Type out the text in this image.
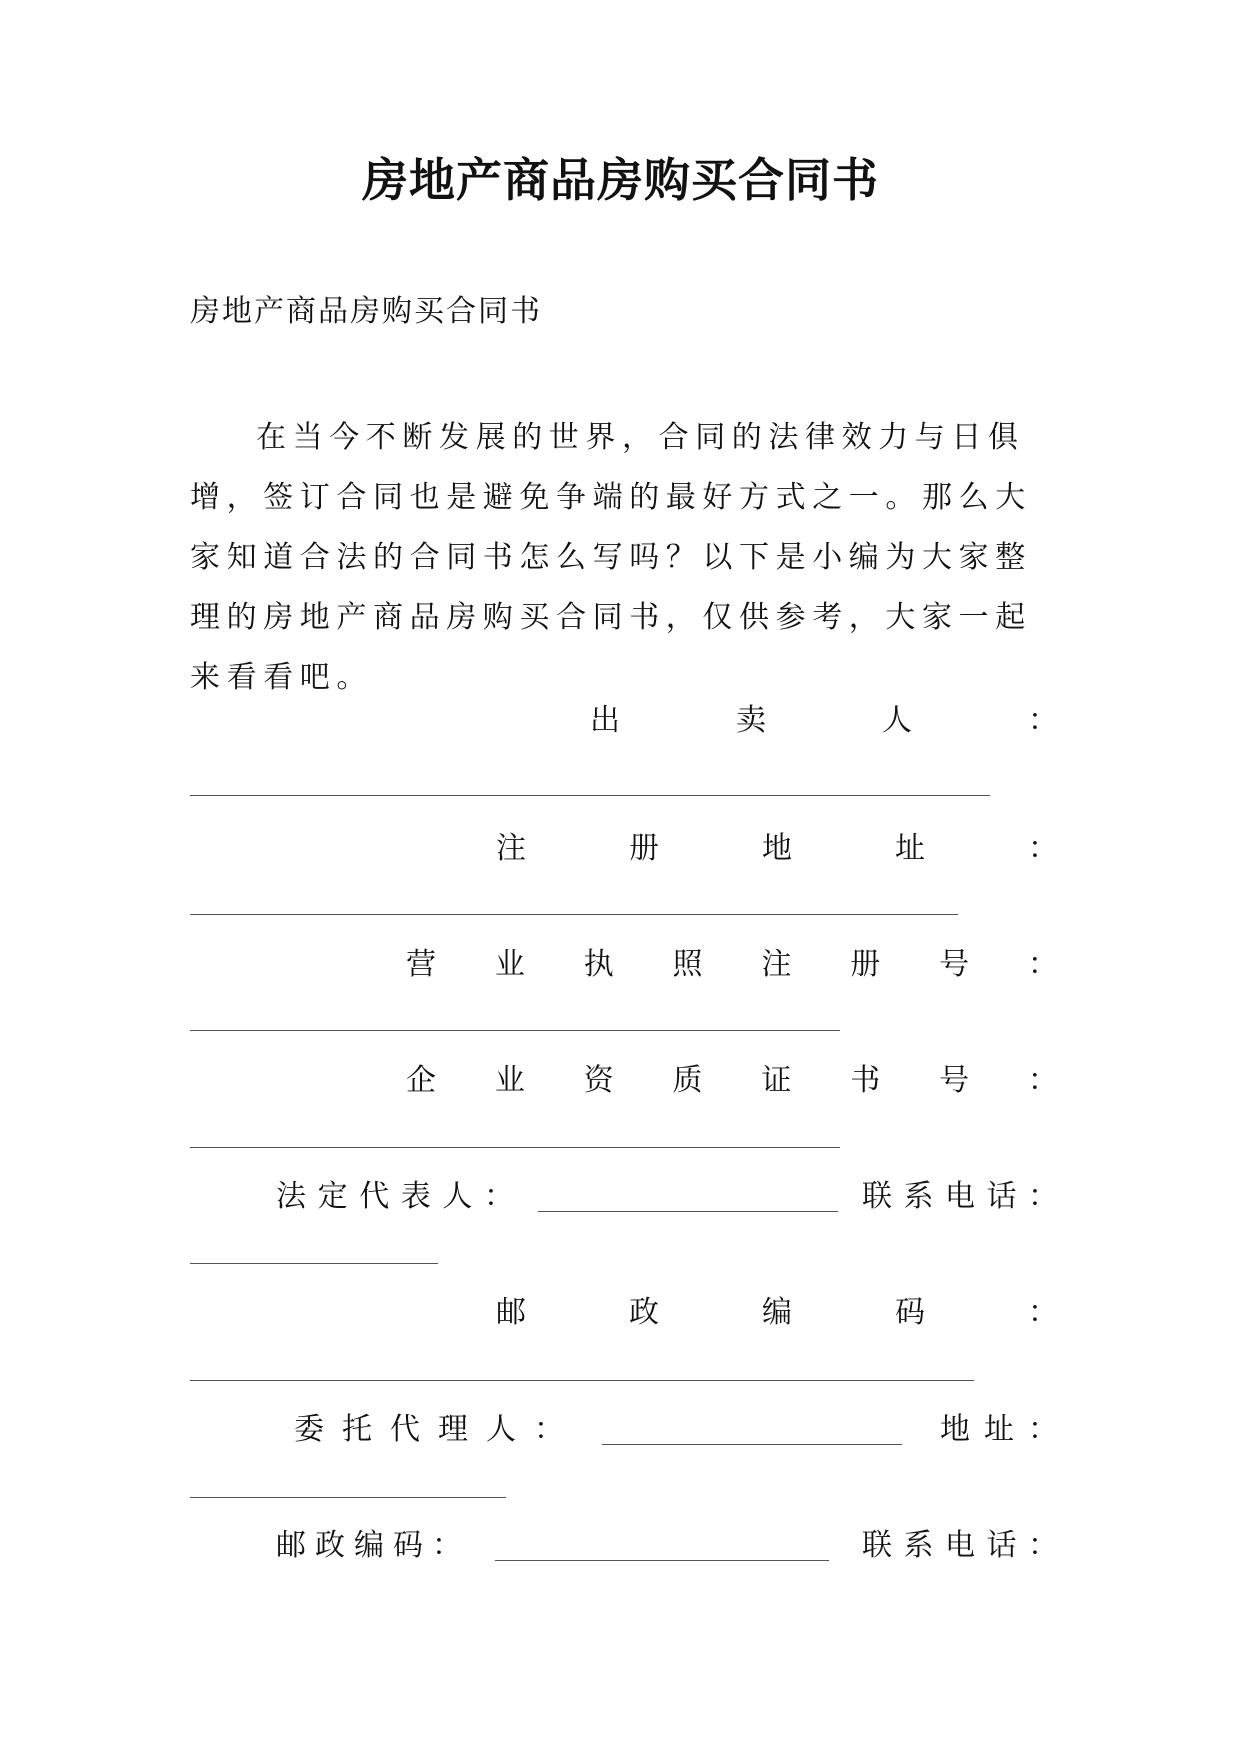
房地产商品房购买合同书

房地产商品房购买合同书

在当今不断发展的世界，合同的法律效力与日俱增，签订合同也是避免争端的最好方式之一。那么大家知道合法的合同书怎么写吗？以下是小编为大家整理的房地产商品房购买合同书，仅供参考，大家一起来看看吧。

出	卖	人	：
注	册	地	址	：
营 业 执 照 注 册 号 ：
企 业 资 质 证 书 号 ：
法 定 代 表 人 ：	联 系 电 话 ：
邮	政	编	码	：
委 托 代 理 人 ：	地 址 ：
邮 政 编 码 ：	联 系 电 话 ：
